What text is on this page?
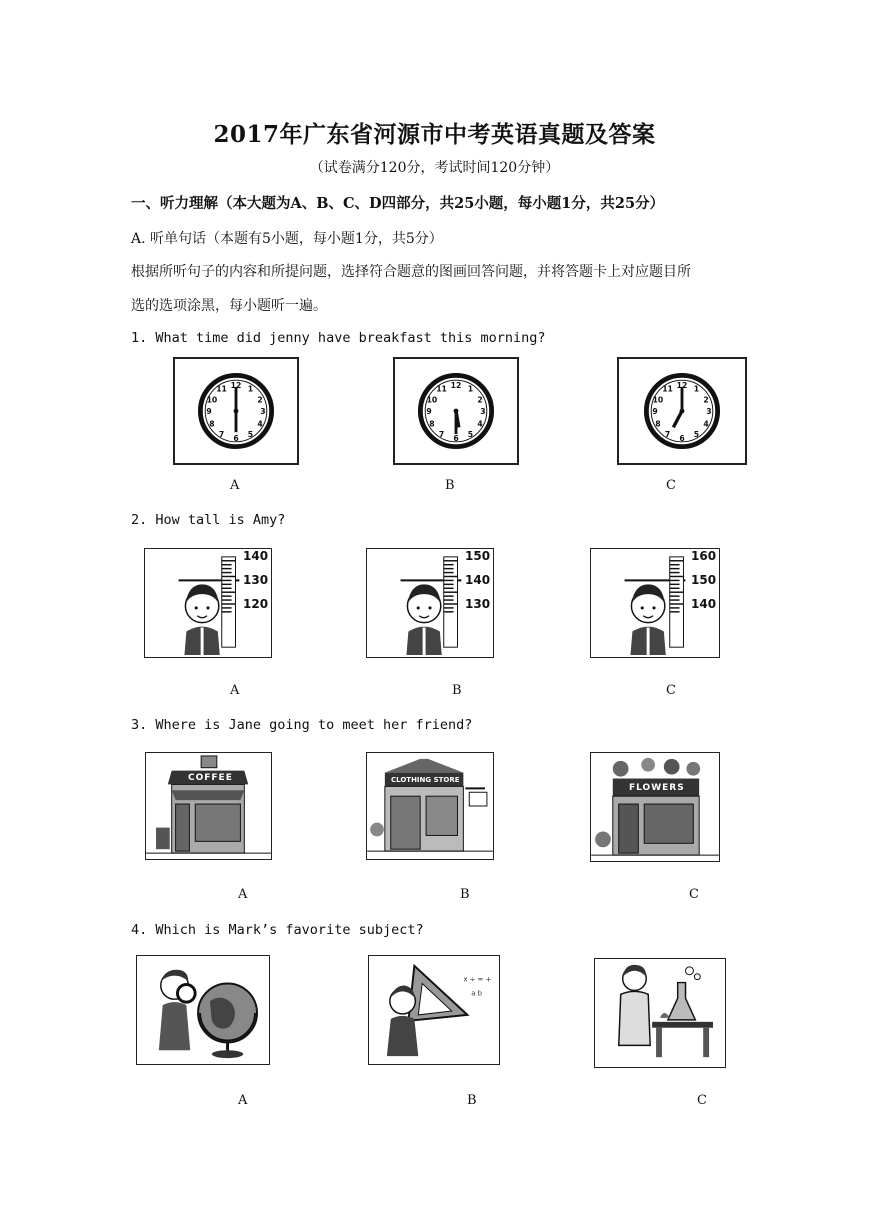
2017年广东省河源市中考英语真题及答案
（试卷满分120分，考试时间120分钟）
一、听力理解（本大题为A、B、C、D四部分，共25小题，每小题1分，共25分）
A. 听单句话（本题有5小题，每小题1分，共5分）
根据所听句子的内容和所提问题，选择符合题意的图画回答问题，并将答题卡上对应题目所
选的选项涂黑，每小题听一遍。
1. What time did jenny have breakfast this morning?
12 1
2
3
4
5
6
7
8
9
10
11	12 1
2
3
4
5
6
7
8
9
10
11	12 1
2
3
4
5
6
7
8
9
10
11
A	B	C
2. How tall is Amy?
140
130
120
150
140
130
160
150
140
A	B	C
3. Where is Jane going to meet her friend?
COFFEE	CLOTHING STORE
FLOWERS
A	B	C
4. Which is Mark’s favorite subject?
x ÷ = +
a b
A	B	C
